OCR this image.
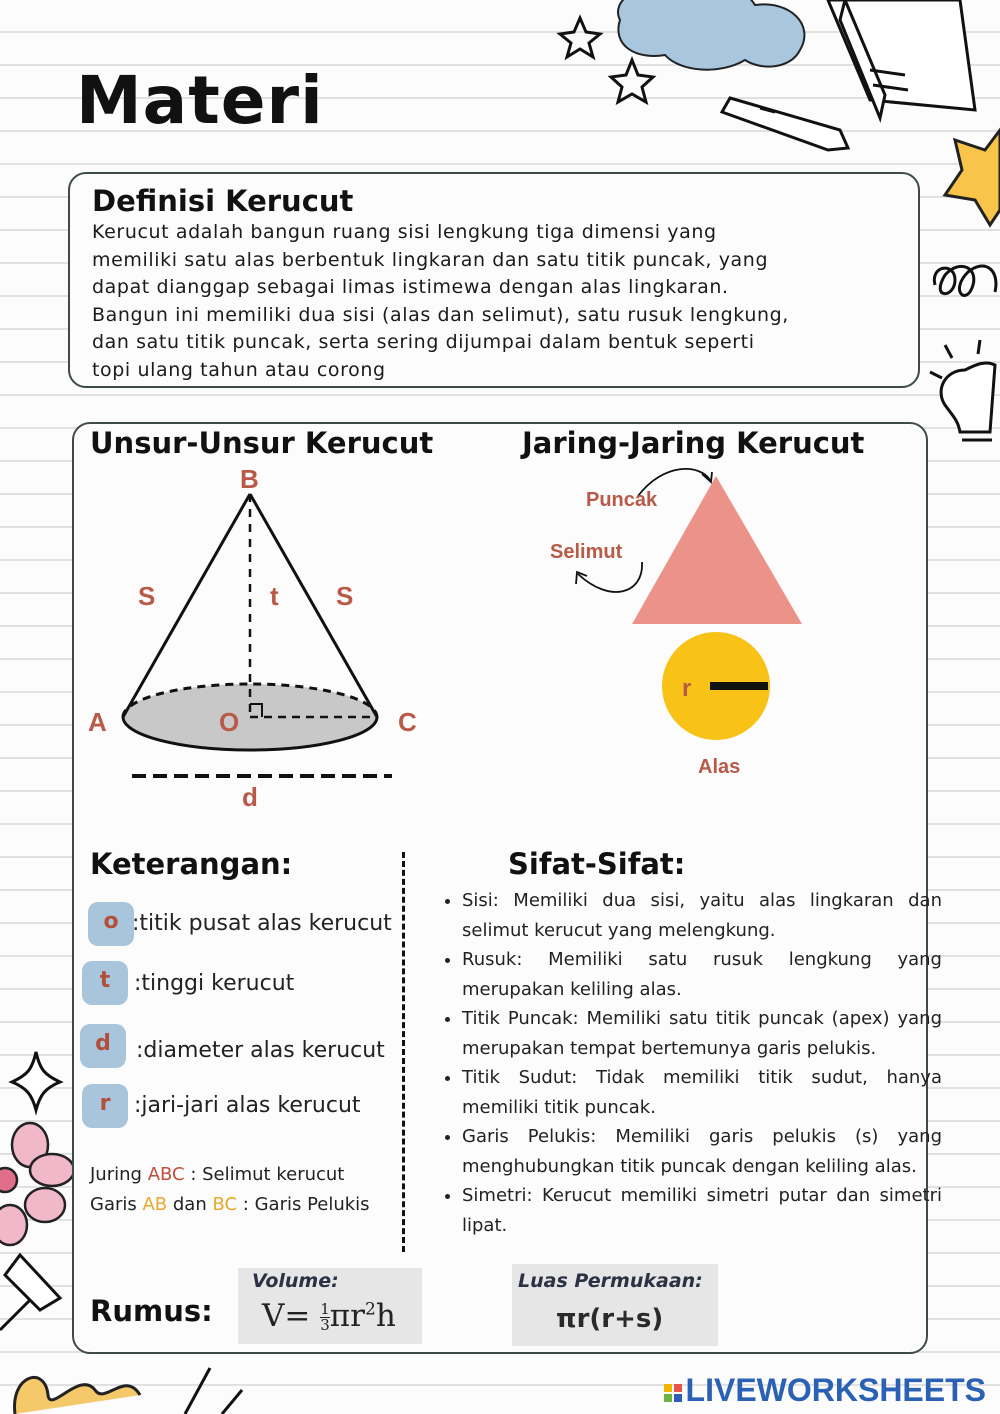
Materi
Definisi Kerucut
Kerucut adalah bangun ruang sisi lengkung tiga dimensi yang
memiliki satu alas berbentuk lingkaran dan satu titik puncak, yang
dapat dianggap sebagai limas istimewa dengan alas lingkaran.
Bangun ini memiliki dua sisi (alas dan selimut), satu rusuk lengkung,
dan satu titik puncak, serta sering dijumpai dalam bentuk seperti
topi ulang tahun atau corong
Unsur-Unsur Kerucut	Jaring-Jaring Kerucut
B
A	C
O
S	S
t
d
Puncak
Selimut
r
Alas
Keterangan:
o :titik pusat alas kerucut
t	:tinggi kerucut
d	:diameter alas kerucut
r	:jari-jari alas kerucut
Juring ABC : Selimut kerucut
Garis AB dan BC : Garis Pelukis
Sifat-Sifat:
• Sisi: Memiliki dua sisi, yaitu alas lingkaran dan selimut kerucut yang melengkung.
• Rusuk: Memiliki satu rusuk lengkung yang merupakan keliling alas.
• Titik Puncak: Memiliki satu titik puncak (apex) yang merupakan tempat bertemunya garis pelukis.
• Titik Sudut: Tidak memiliki titik sudut, hanya memiliki titik puncak.
• Garis Pelukis: Memiliki garis pelukis (s) yang menghubungkan titik puncak dengan keliling alas.
• Simetri: Kerucut memiliki simetri putar dan simetri lipat.
Rumus:
Volume:
$V= \frac{1}{3} \pi r^2h$
Luas Permukaan:
πr(r+s)
LIVEWORKSHEETS
